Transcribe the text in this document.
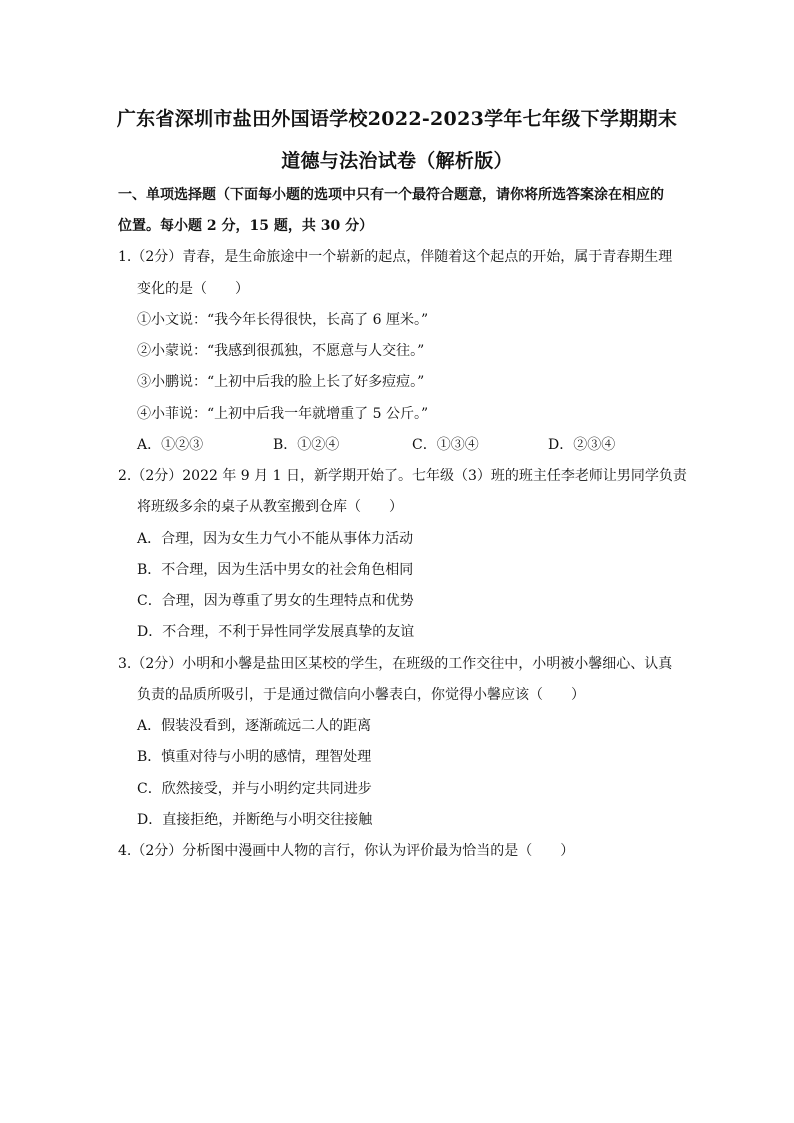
广东省深圳市盐田外国语学校2022-2023学年七年级下学期期末
道德与法治试卷（解析版）
一、单项选择题（下面每小题的选项中只有一个最符合题意，请你将所选答案涂在相应的
位置。每小题 2 分，15 题，共 30 分）
1.（2分）青春，是生命旅途中一个崭新的起点，伴随着这个起点的开始，属于青春期生理
变化的是（　　）
①小文说：“我今年长得很快，长高了 6 厘米。”
②小蒙说：“我感到很孤独，不愿意与人交往。”
③小鹏说：“上初中后我的脸上长了好多痘痘。”
④小菲说：“上初中后我一年就增重了 5 公斤。”
A．①②③	B．①②④	C．①③④	D．②③④
2.（2分）2022 年 9 月 1 日，新学期开始了。七年级（3）班的班主任李老师让男同学负责
将班级多余的桌子从教室搬到仓库（　　）
A．合理，因为女生力气小不能从事体力活动
B．不合理，因为生活中男女的社会角色相同
C．合理，因为尊重了男女的生理特点和优势
D．不合理，不利于异性同学发展真挚的友谊
3.（2分）小明和小馨是盐田区某校的学生，在班级的工作交往中，小明被小馨细心、认真
负责的品质所吸引，于是通过微信向小馨表白，你觉得小馨应该（　　）
A．假装没看到，逐渐疏远二人的距离
B．慎重对待与小明的感情，理智处理
C．欣然接受，并与小明约定共同进步
D．直接拒绝，并断绝与小明交往接触
4.（2分）分析图中漫画中人物的言行，你认为评价最为恰当的是（　　）
